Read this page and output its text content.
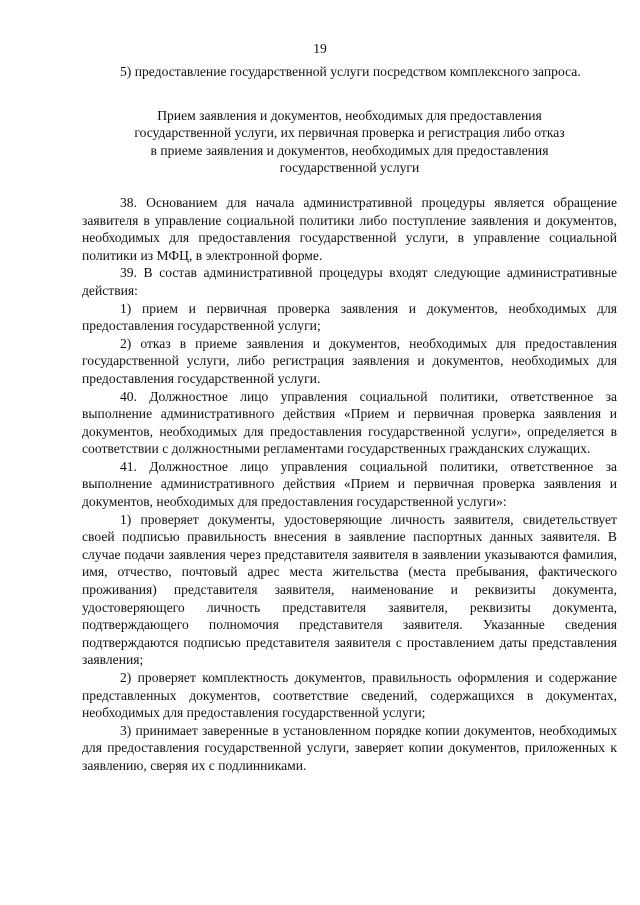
19

5) предоставление государственной услуги посредством комплексного запроса.

Прием заявления и документов, необходимых для предоставления

государственной услуги, их первичная проверка и регистрация либо отказ

в приеме заявления и документов, необходимых для предоставления

государственной услуги

38. Основанием для начала административной процедуры является обращение заявителя в управление социальной политики либо поступление заявления и документов, необходимых для предоставления государственной услуги, в управление социальной политики из МФЦ, в электронной форме.

39. В состав административной процедуры входят следующие административные действия:

1) прием и первичная проверка заявления и документов, необходимых для предоставления государственной услуги;

2) отказ в приеме заявления и документов, необходимых для предоставления государственной услуги, либо регистрация заявления и документов, необходимых для предоставления государственной услуги.

40. Должностное лицо управления социальной политики, ответственное за выполнение административного действия «Прием и первичная проверка заявления и документов, необходимых для предоставления государственной услуги», определяется в соответствии с должностными регламентами государственных гражданских служащих.

41. Должностное лицо управления социальной политики, ответственное за выполнение административного действия «Прием и первичная проверка заявления и документов, необходимых для предоставления государственной услуги»:

1) проверяет документы, удостоверяющие личность заявителя, свидетельствует своей подписью правильность внесения в заявление паспортных данных заявителя. В случае подачи заявления через представителя заявителя в заявлении указываются фамилия, имя, отчество, почтовый адрес места жительства (места пребывания, фактического проживания) представителя заявителя, наименование и реквизиты документа, удостоверяющего личность представителя заявителя, реквизиты документа, подтверждающего полномочия представителя заявителя. Указанные сведения подтверждаются подписью представителя заявителя с проставлением даты представления заявления;

2) проверяет комплектность документов, правильность оформления и содержание представленных документов, соответствие сведений, содержащихся в документах, необходимых для предоставления государственной услуги;

3) принимает заверенные в установленном порядке копии документов, необходимых для предоставления государственной услуги, заверяет копии документов, приложенных к заявлению, сверяя их с подлинниками.
